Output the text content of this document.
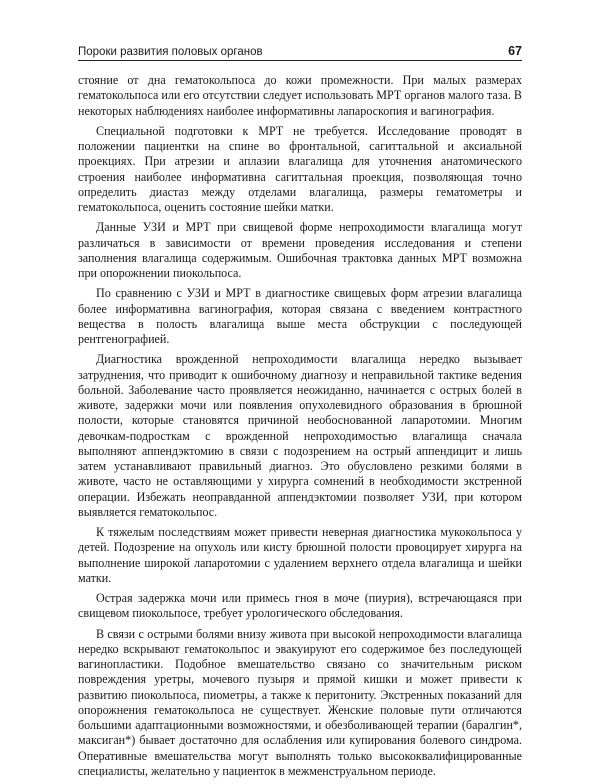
Пороки развития половых органов	67

стояние от дна гематокольпоса до кожи промежности. При малых размерах гематокольпоса или его отсутствии следует использовать МРТ органов малого таза. В некоторых наблюдениях наиболее информативны лапароскопия и вагинография.

Специальной подготовки к МРТ не требуется. Исследование проводят в положении пациентки на спине во фронтальной, сагиттальной и аксиальной проекциях. При атрезии и аплазии влагалища для уточнения анатомического строения наиболее информативна сагиттальная проекция, позволяющая точно определить диастаз между отделами влагалища, размеры гематометры и гематокольпоса, оценить состояние шейки матки.

Данные УЗИ и МРТ при свищевой форме непроходимости влагалища могут различаться в зависимости от времени проведения исследования и степени заполнения влагалища содержимым. Ошибочная трактовка данных МРТ возможна при опорожнении пиокольпоса.

По сравнению с УЗИ и МРТ в диагностике свищевых форм атрезии влагалища более информативна вагинография, которая связана с введением контрастного вещества в полость влагалища выше места обструкции с последующей рентгенографией.

Диагностика врожденной непроходимости влагалища нередко вызывает затруднения, что приводит к ошибочному диагнозу и неправильной тактике ведения больной. Заболевание часто проявляется неожиданно, начинается с острых болей в животе, задержки мочи или появления опухолевидного образования в брюшной полости, которые становятся причиной необоснованной лапаротомии. Многим девочкам-подросткам с врожденной непроходимостью влагалища сначала выполняют аппендэктомию в связи с подозрением на острый аппендицит и лишь затем устанавливают правильный диагноз. Это обусловлено резкими болями в животе, часто не оставляющими у хирурга сомнений в необходимости экстренной операции. Избежать неоправданной аппендэктомии позволяет УЗИ, при котором выявляется гематокольпос.

К тяжелым последствиям может привести неверная диагностика мукокольпоса у детей. Подозрение на опухоль или кисту брюшной полости провоцирует хирурга на выполнение широкой лапаротомии с удалением верхнего отдела влагалища и шейки матки.

Острая задержка мочи или примесь гноя в моче (пиурия), встречающаяся при свищевом пиокольпосе, требует урологического обследования.

В связи с острыми болями внизу живота при высокой непроходимости влагалища нередко вскрывают гематокольпос и эвакуируют его содержимое без последующей вагинопластики. Подобное вмешательство связано со значительным риском повреждения уретры, мочевого пузыря и прямой кишки и может привести к развитию пиокольпоса, пиометры, а также к перитониту. Экстренных показаний для опорожнения гематокольпоса не существует. Женские половые пути отличаются большими адаптационными возможностями, и обезболивающей терапии (баралгин*, максиган*) бывает достаточно для ослабления или купирования болевого синдрома. Оперативные вмешательства могут выполнять только высококвалифицированные специалисты, желательно у пациенток в межменструальном периоде.
